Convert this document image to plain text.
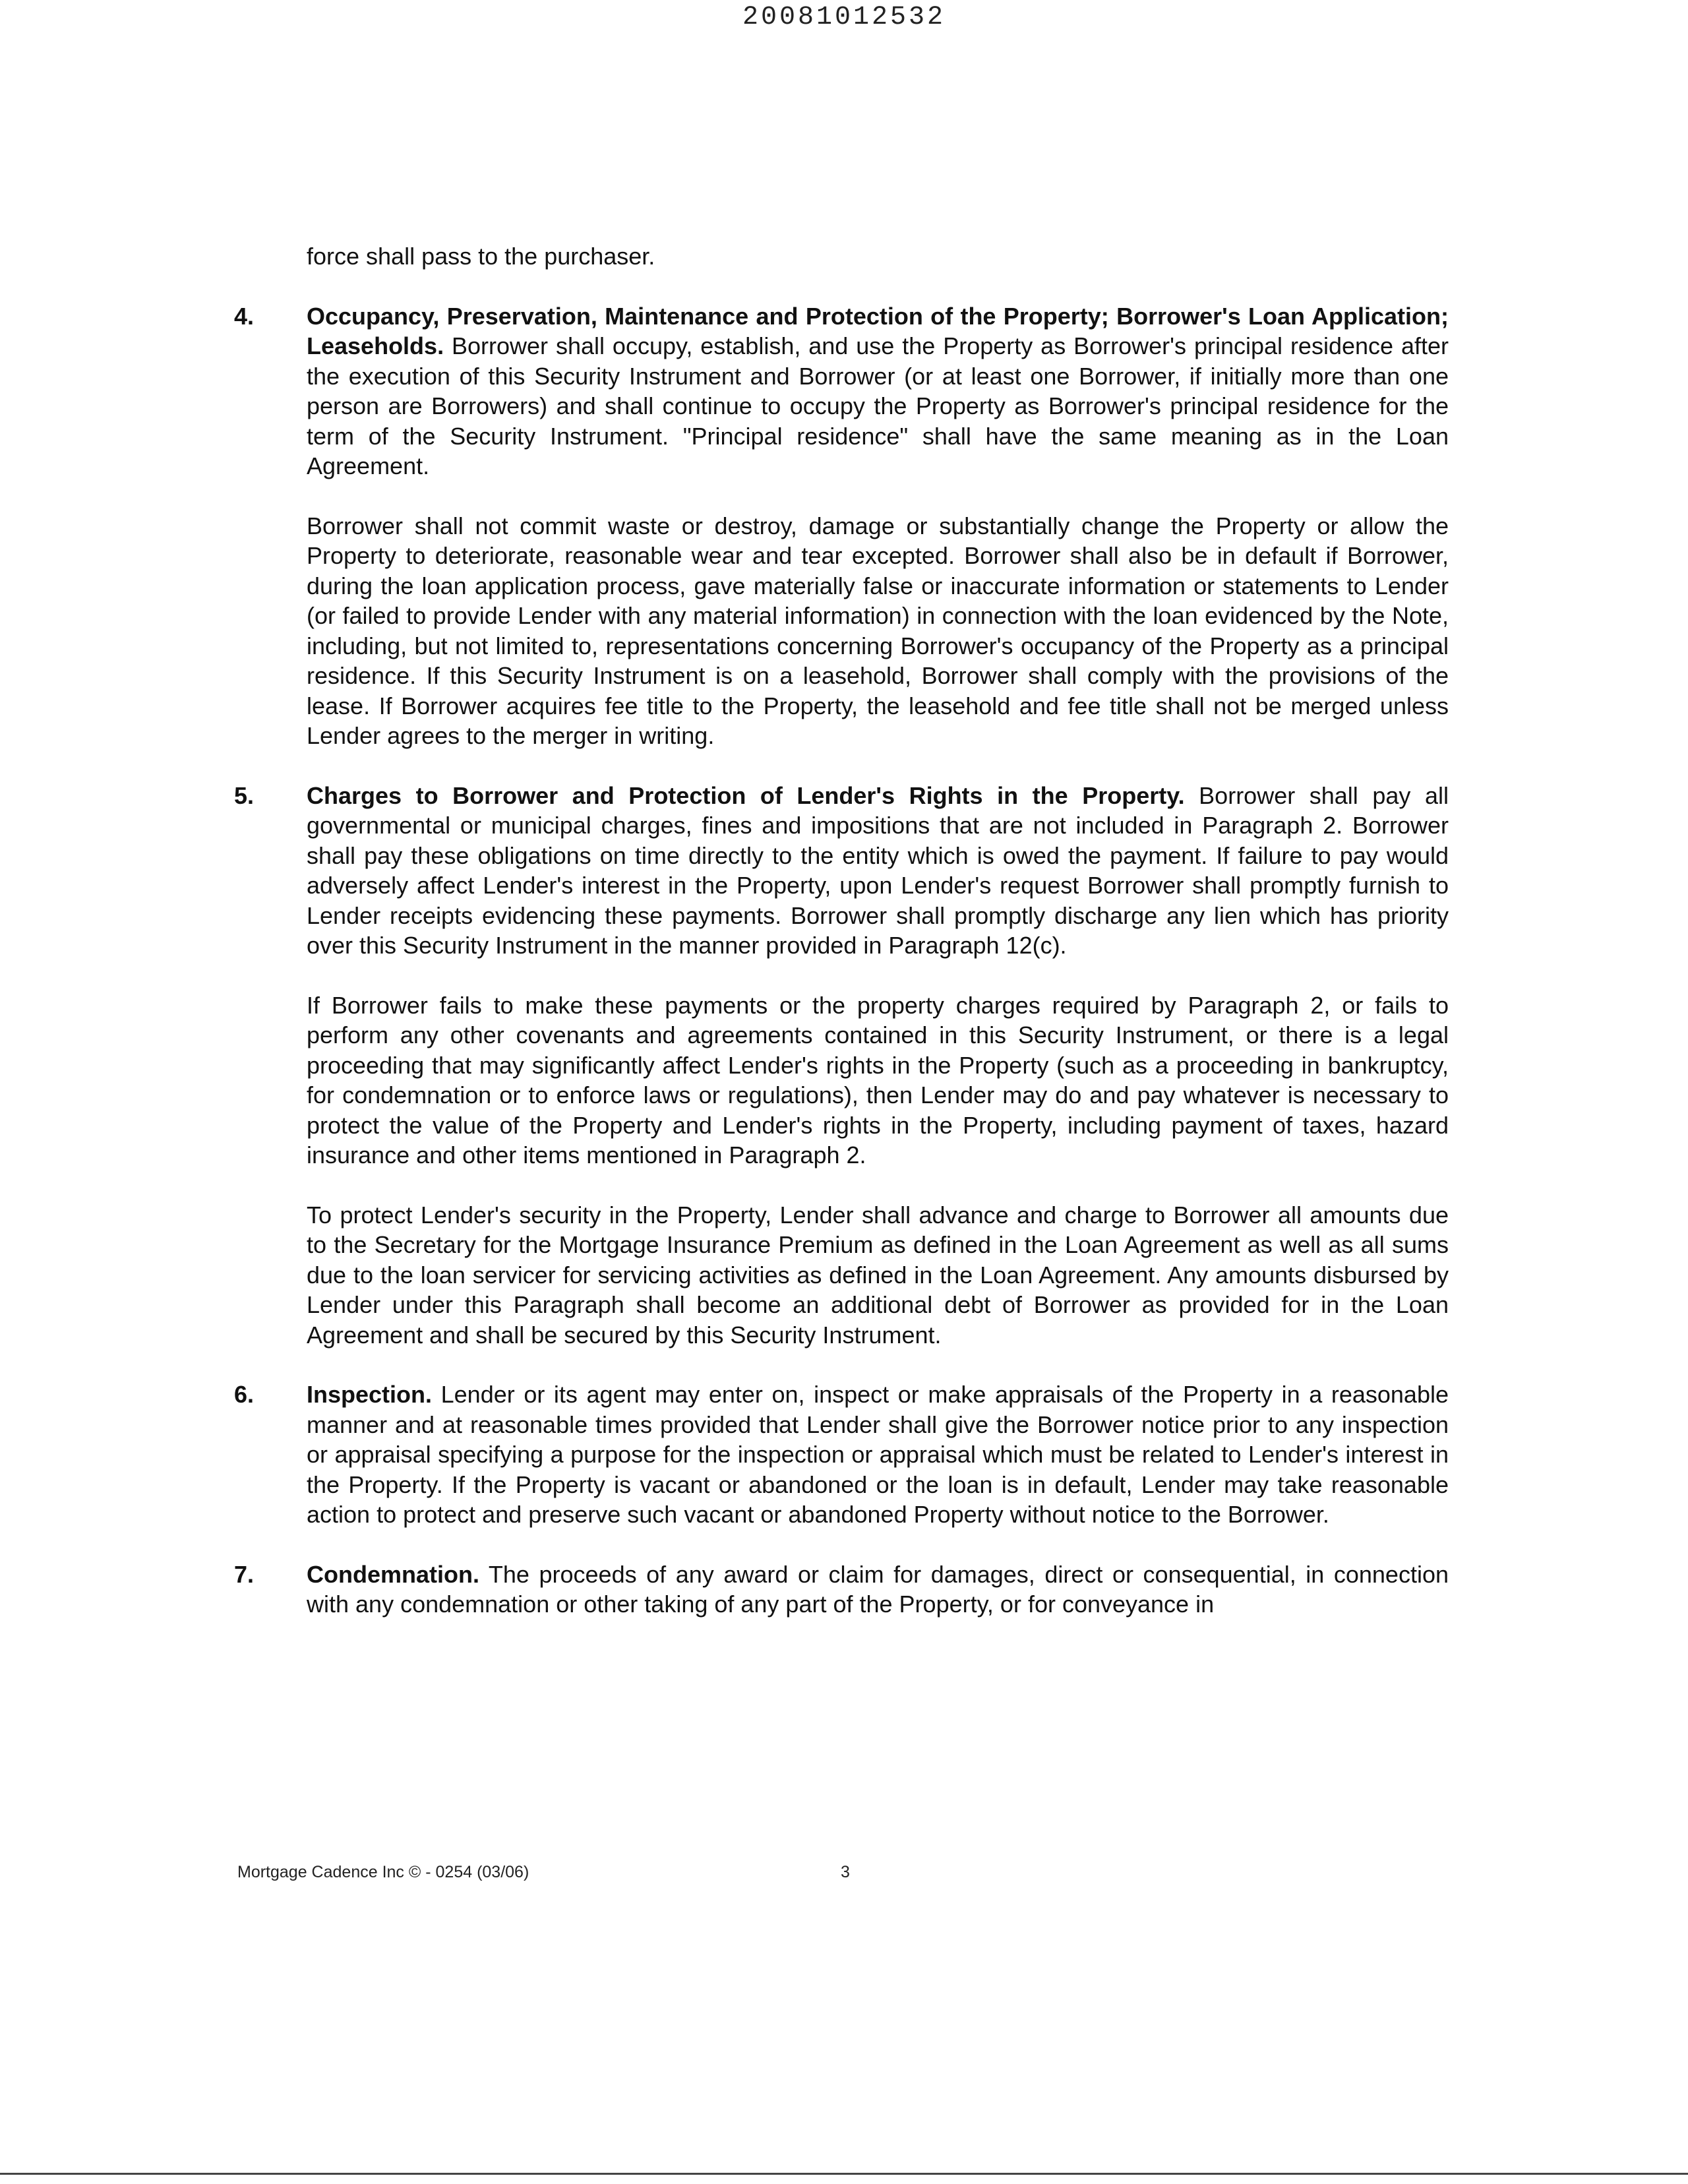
20081012532

force shall pass to the purchaser.

4. Occupancy, Preservation, Maintenance and Protection of the Property; Borrower's Loan Application; Leaseholds. Borrower shall occupy, establish, and use the Property as Borrower's principal residence after the execution of this Security Instrument and Borrower (or at least one Borrower, if initially more than one person are Borrowers) and shall continue to occupy the Property as Borrower's principal residence for the term of the Security Instrument. "Principal residence" shall have the same meaning as in the Loan Agreement.

Borrower shall not commit waste or destroy, damage or substantially change the Property or allow the Property to deteriorate, reasonable wear and tear excepted. Borrower shall also be in default if Borrower, during the loan application process, gave materially false or inaccurate information or statements to Lender (or failed to provide Lender with any material information) in connection with the loan evidenced by the Note, including, but not limited to, representations concerning Borrower's occupancy of the Property as a principal residence. If this Security Instrument is on a leasehold, Borrower shall comply with the provisions of the lease. If Borrower acquires fee title to the Property, the leasehold and fee title shall not be merged unless Lender agrees to the merger in writing.

5. Charges to Borrower and Protection of Lender's Rights in the Property. Borrower shall pay all governmental or municipal charges, fines and impositions that are not included in Paragraph 2. Borrower shall pay these obligations on time directly to the entity which is owed the payment. If failure to pay would adversely affect Lender's interest in the Property, upon Lender's request Borrower shall promptly furnish to Lender receipts evidencing these payments. Borrower shall promptly discharge any lien which has priority over this Security Instrument in the manner provided in Paragraph 12(c).

If Borrower fails to make these payments or the property charges required by Paragraph 2, or fails to perform any other covenants and agreements contained in this Security Instrument, or there is a legal proceeding that may significantly affect Lender's rights in the Property (such as a proceeding in bankruptcy, for condemnation or to enforce laws or regulations), then Lender may do and pay whatever is necessary to protect the value of the Property and Lender's rights in the Property, including payment of taxes, hazard insurance and other items mentioned in Paragraph 2.

To protect Lender's security in the Property, Lender shall advance and charge to Borrower all amounts due to the Secretary for the Mortgage Insurance Premium as defined in the Loan Agreement as well as all sums due to the loan servicer for servicing activities as defined in the Loan Agreement. Any amounts disbursed by Lender under this Paragraph shall become an additional debt of Borrower as provided for in the Loan Agreement and shall be secured by this Security Instrument.

6. Inspection. Lender or its agent may enter on, inspect or make appraisals of the Property in a reasonable manner and at reasonable times provided that Lender shall give the Borrower notice prior to any inspection or appraisal specifying a purpose for the inspection or appraisal which must be related to Lender's interest in the Property. If the Property is vacant or abandoned or the loan is in default, Lender may take reasonable action to protect and preserve such vacant or abandoned Property without notice to the Borrower.

7. Condemnation. The proceeds of any award or claim for damages, direct or consequential, in connection with any condemnation or other taking of any part of the Property, or for conveyance in

Mortgage Cadence Inc © - 0254 (03/06)	3
